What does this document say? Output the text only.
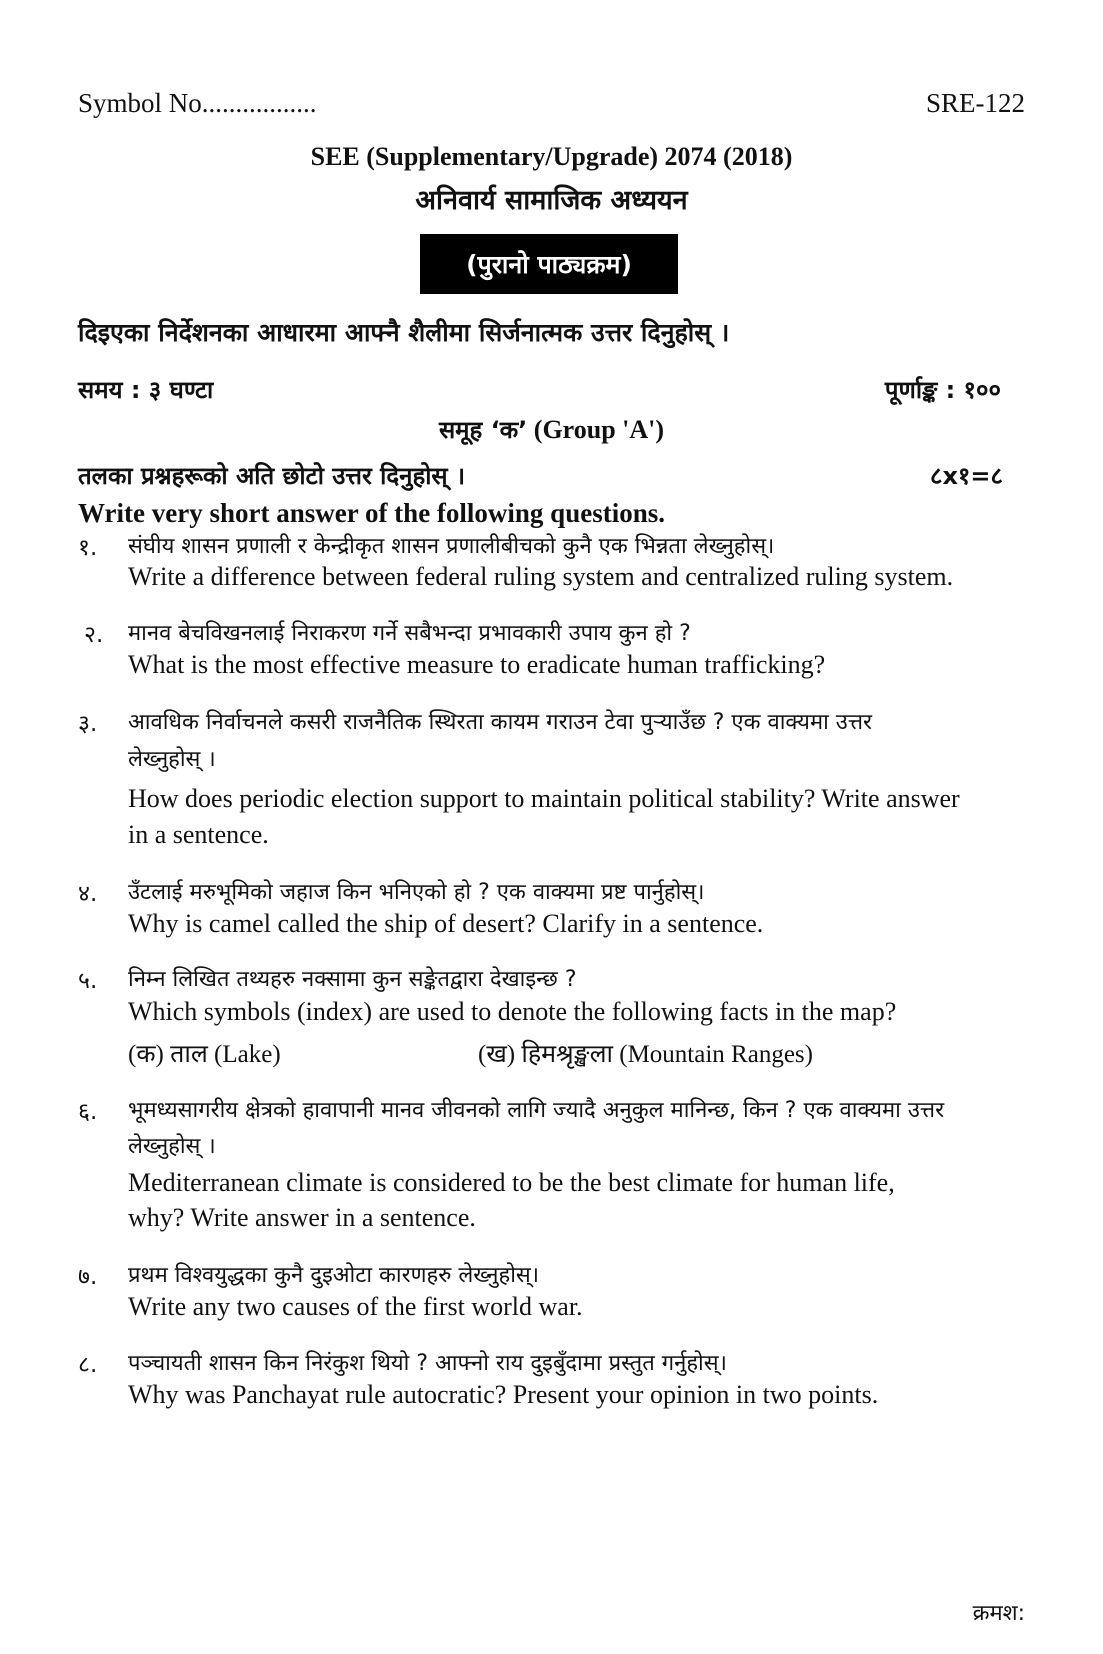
Symbol No.................	SRE-122
SEE (Supplementary/Upgrade) 2074 (2018)
अनिवार्य सामाजिक अध्ययन
(पुरानो पाठ्यक्रम)
दिइएका निर्देशनका आधारमा आफ्नै शैलीमा सिर्जनात्मक उत्तर दिनुहोस् ।
समय : ३ घण्टा	पूर्णाङ्क : १००
समूह ‘क’ (Group 'A')
तलका प्रश्नहरूको अति छोटो उत्तर दिनुहोस् ।	८x१=८
Write very short answer of the following questions.
१. संघीय शासन प्रणाली र केन्द्रीकृत शासन प्रणालीबीचको कुनै एक भिन्नता लेख्नुहोस्।
Write a difference between federal ruling system and centralized ruling system.
२. मानव बेचविखनलाई निराकरण गर्ने सबैभन्दा प्रभावकारी उपाय कुन हो ?
What is the most effective measure to eradicate human trafficking?
३. आवधिक निर्वाचनले कसरी राजनैतिक स्थिरता कायम गराउन टेवा पुऱ्याउँछ ? एक वाक्यमा उत्तर
लेख्नुहोस् ।
How does periodic election support to maintain political stability? Write answer
in a sentence.
४. उँटलाई मरुभूमिको जहाज किन भनिएको हो ? एक वाक्यमा प्रष्ट पार्नुहोस्।
Why is camel called the ship of desert? Clarify in a sentence.
५. निम्न लिखित तथ्यहरु नक्सामा कुन सङ्केतद्वारा देखाइन्छ ?
Which symbols (index) are used to denote the following facts in the map?
(क) ताल (Lake)	(ख) हिमश्रृङ्खला (Mountain Ranges)
६. भूमध्यसागरीय क्षेत्रको हावापानी मानव जीवनको लागि ज्यादै अनुकुल मानिन्छ, किन ? एक वाक्यमा उत्तर
लेख्नुहोस् ।
Mediterranean climate is considered to be the best climate for human life,
why? Write answer in a sentence.
७. प्रथम विश्वयुद्धका कुनै दुइओटा कारणहरु लेख्नुहोस्।
Write any two causes of the first world war.
८. पञ्चायती शासन किन निरंकुश थियो ? आफ्नो राय दुइबुँदामा प्रस्तुत गर्नुहोस्।
Why was Panchayat rule autocratic? Present your opinion in two points.
क्रमश:
